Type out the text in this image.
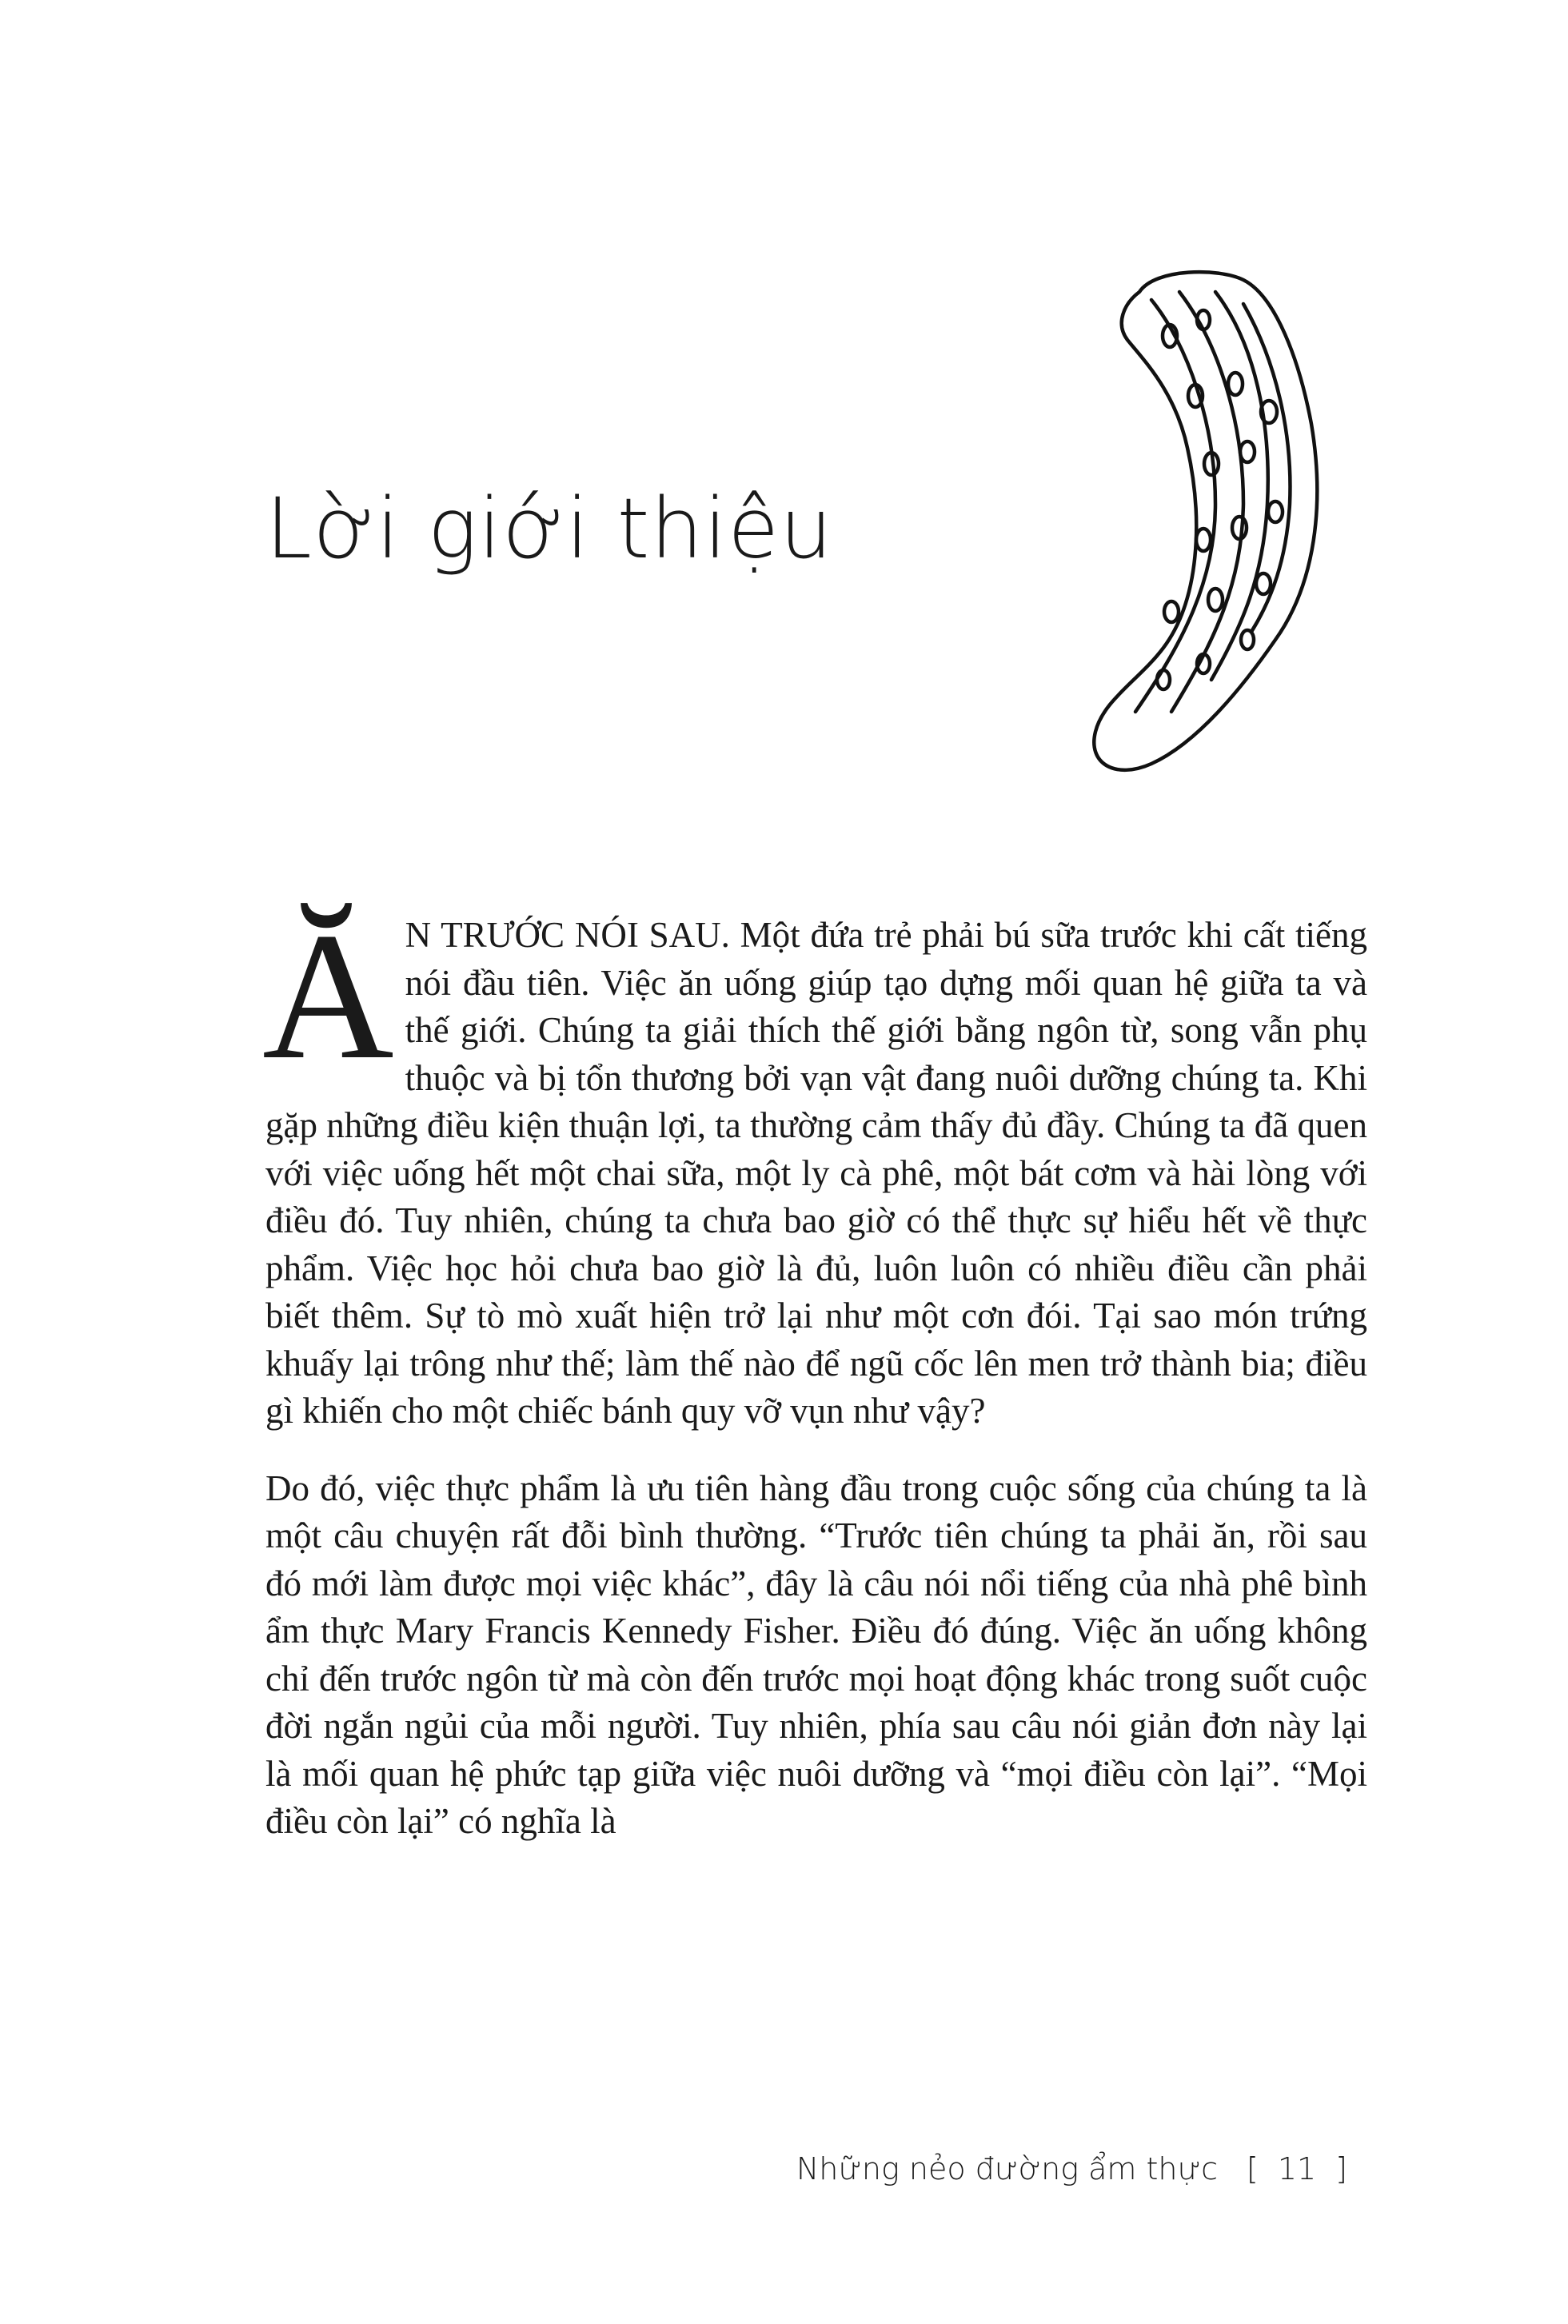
Lời giới thiệu

Ă N TRƯỚC NÓI SAU. Một đứa trẻ phải bú sữa trước khi cất tiếng nói đầu tiên. Việc ăn uống giúp tạo dựng mối quan hệ giữa ta và thế giới. Chúng ta giải thích thế giới bằng ngôn từ, song vẫn phụ thuộc và bị tổn thương bởi vạn vật đang nuôi dưỡng chúng ta. Khi gặp những điều kiện thuận lợi, ta thường cảm thấy đủ đầy. Chúng ta đã quen với việc uống hết một chai sữa, một ly cà phê, một bát cơm và hài lòng với điều đó. Tuy nhiên, chúng ta chưa bao giờ có thể thực sự hiểu hết về thực phẩm. Việc học hỏi chưa bao giờ là đủ, luôn luôn có nhiều điều cần phải biết thêm. Sự tò mò xuất hiện trở lại như một cơn đói. Tại sao món trứng khuấy lại trông như thế; làm thế nào để ngũ cốc lên men trở thành bia; điều gì khiến cho một chiếc bánh quy vỡ vụn như vậy?

Do đó, việc thực phẩm là ưu tiên hàng đầu trong cuộc sống của chúng ta là một câu chuyện rất đỗi bình thường. “Trước tiên chúng ta phải ăn, rồi sau đó mới làm được mọi việc khác”, đây là câu nói nổi tiếng của nhà phê bình ẩm thực Mary Francis Kennedy Fisher. Điều đó đúng. Việc ăn uống không chỉ đến trước ngôn từ mà còn đến trước mọi hoạt động khác trong suốt cuộc đời ngắn ngủi của mỗi người. Tuy nhiên, phía sau câu nói giản đơn này lại là mối quan hệ phức tạp giữa việc nuôi dưỡng và “mọi điều còn lại”. “Mọi điều còn lại” có nghĩa là

Những nẻo đường ẩm thực [ 11 ]
